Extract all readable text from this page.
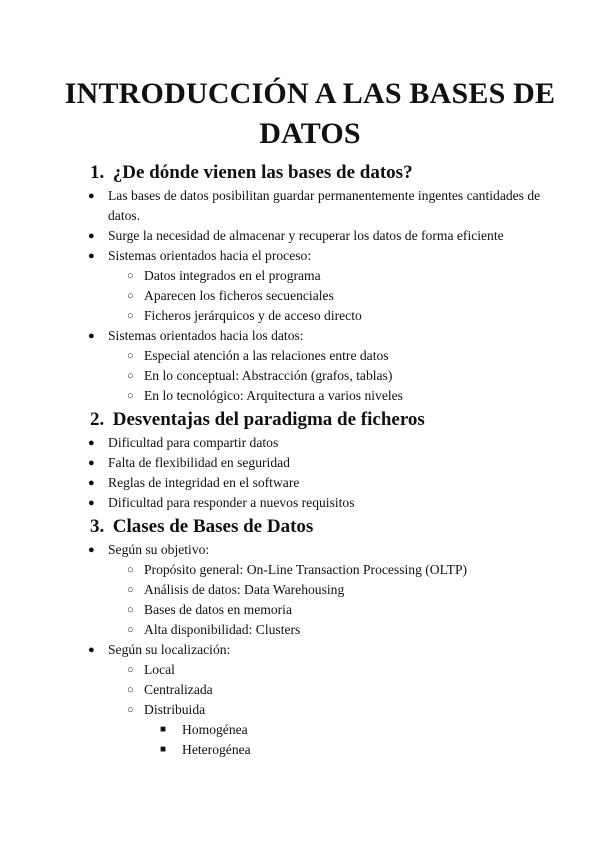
INTRODUCCIÓN A LAS BASES DE DATOS
1. ¿De dónde vienen las bases de datos?
● Las bases de datos posibilitan guardar permanentemente ingentes cantidades de datos.
● Surge la necesidad de almacenar y recuperar los datos de forma eficiente
● Sistemas orientados hacia el proceso:
○ Datos integrados en el programa
○ Aparecen los ficheros secuenciales
○ Ficheros jerárquicos y de acceso directo
● Sistemas orientados hacia los datos:
○ Especial atención a las relaciones entre datos
○ En lo conceptual: Abstracción (grafos, tablas)
○ En lo tecnológico: Arquitectura a varios niveles
2. Desventajas del paradigma de ficheros
● Dificultad para compartir datos
● Falta de flexibilidad en seguridad
● Reglas de integridad en el software
● Dificultad para responder a nuevos requisitos
3. Clases de Bases de Datos
● Según su objetivo:
○ Propósito general: On-Line Transaction Processing (OLTP)
○ Análisis de datos: Data Warehousing
○ Bases de datos en memoria
○ Alta disponibilidad: Clusters
● Según su localización:
○ Local
○ Centralizada
○ Distribuida
■ Homogénea
■ Heterogénea
